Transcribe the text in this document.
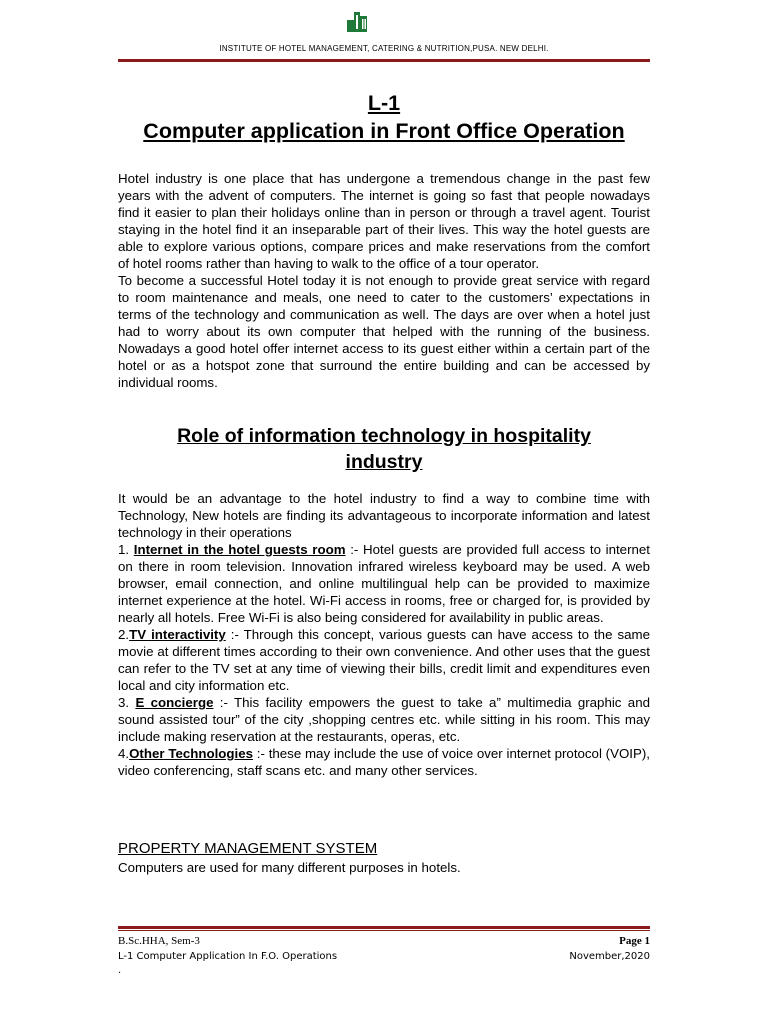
INSTITUTE OF HOTEL MANAGEMENT, CATERING & NUTRITION,PUSA. NEW DELHI.
L-1
Computer application in Front Office Operation

Hotel industry is one place that has undergone a tremendous change in the past few years with the advent of computers. The internet is going so fast that people nowadays find it easier to plan their holidays online than in person or through a travel agent. Tourist staying in the hotel find it an inseparable part of their lives. This way the hotel guests are able to explore various options, compare prices and make reservations from the comfort of hotel rooms rather than having to walk to the office of a tour operator.

To become a successful Hotel today it is not enough to provide great service with regard to room maintenance and meals, one need to cater to the customers’ expectations in terms of the technology and communication as well. The days are over when a hotel just had to worry about its own computer that helped with the running of the business. Nowadays a good hotel offer internet access to its guest either within a certain part of the hotel or as a hotspot zone that surround the entire building and can be accessed by individual rooms.

Role of information technology in hospitality industry

It would be an advantage to the hotel industry to find a way to combine time with Technology, New hotels are finding its advantageous to incorporate information and latest technology in their operations

1. Internet in the hotel guests room :- Hotel guests are provided full access to internet on there in room television. Innovation infrared wireless keyboard may be used. A web browser, email connection, and online multilingual help can be provided to maximize internet experience at the hotel. Wi-Fi access in rooms, free or charged for, is provided by nearly all hotels. Free Wi-Fi is also being considered for availability in public areas.

2.TV interactivity :- Through this concept, various guests can have access to the same movie at different times according to their own convenience. And other uses that the guest can refer to the TV set at any time of viewing their bills, credit limit and expenditures even local and city information etc.

3. E concierge :- This facility empowers the guest to take a” multimedia graphic and sound assisted tour” of the city ,shopping centres etc. while sitting in his room. This may include making reservation at the restaurants, operas, etc.

4.Other Technologies :- these may include the use of voice over internet protocol (VOIP), video conferencing, staff scans etc. and many other services.

PROPERTY MANAGEMENT SYSTEM
Computers are used for many different purposes in hotels.
B.Sc.HHA, Sem-3	Page 1
L-1 Computer Application In F.O. Operations	November,2020
.
